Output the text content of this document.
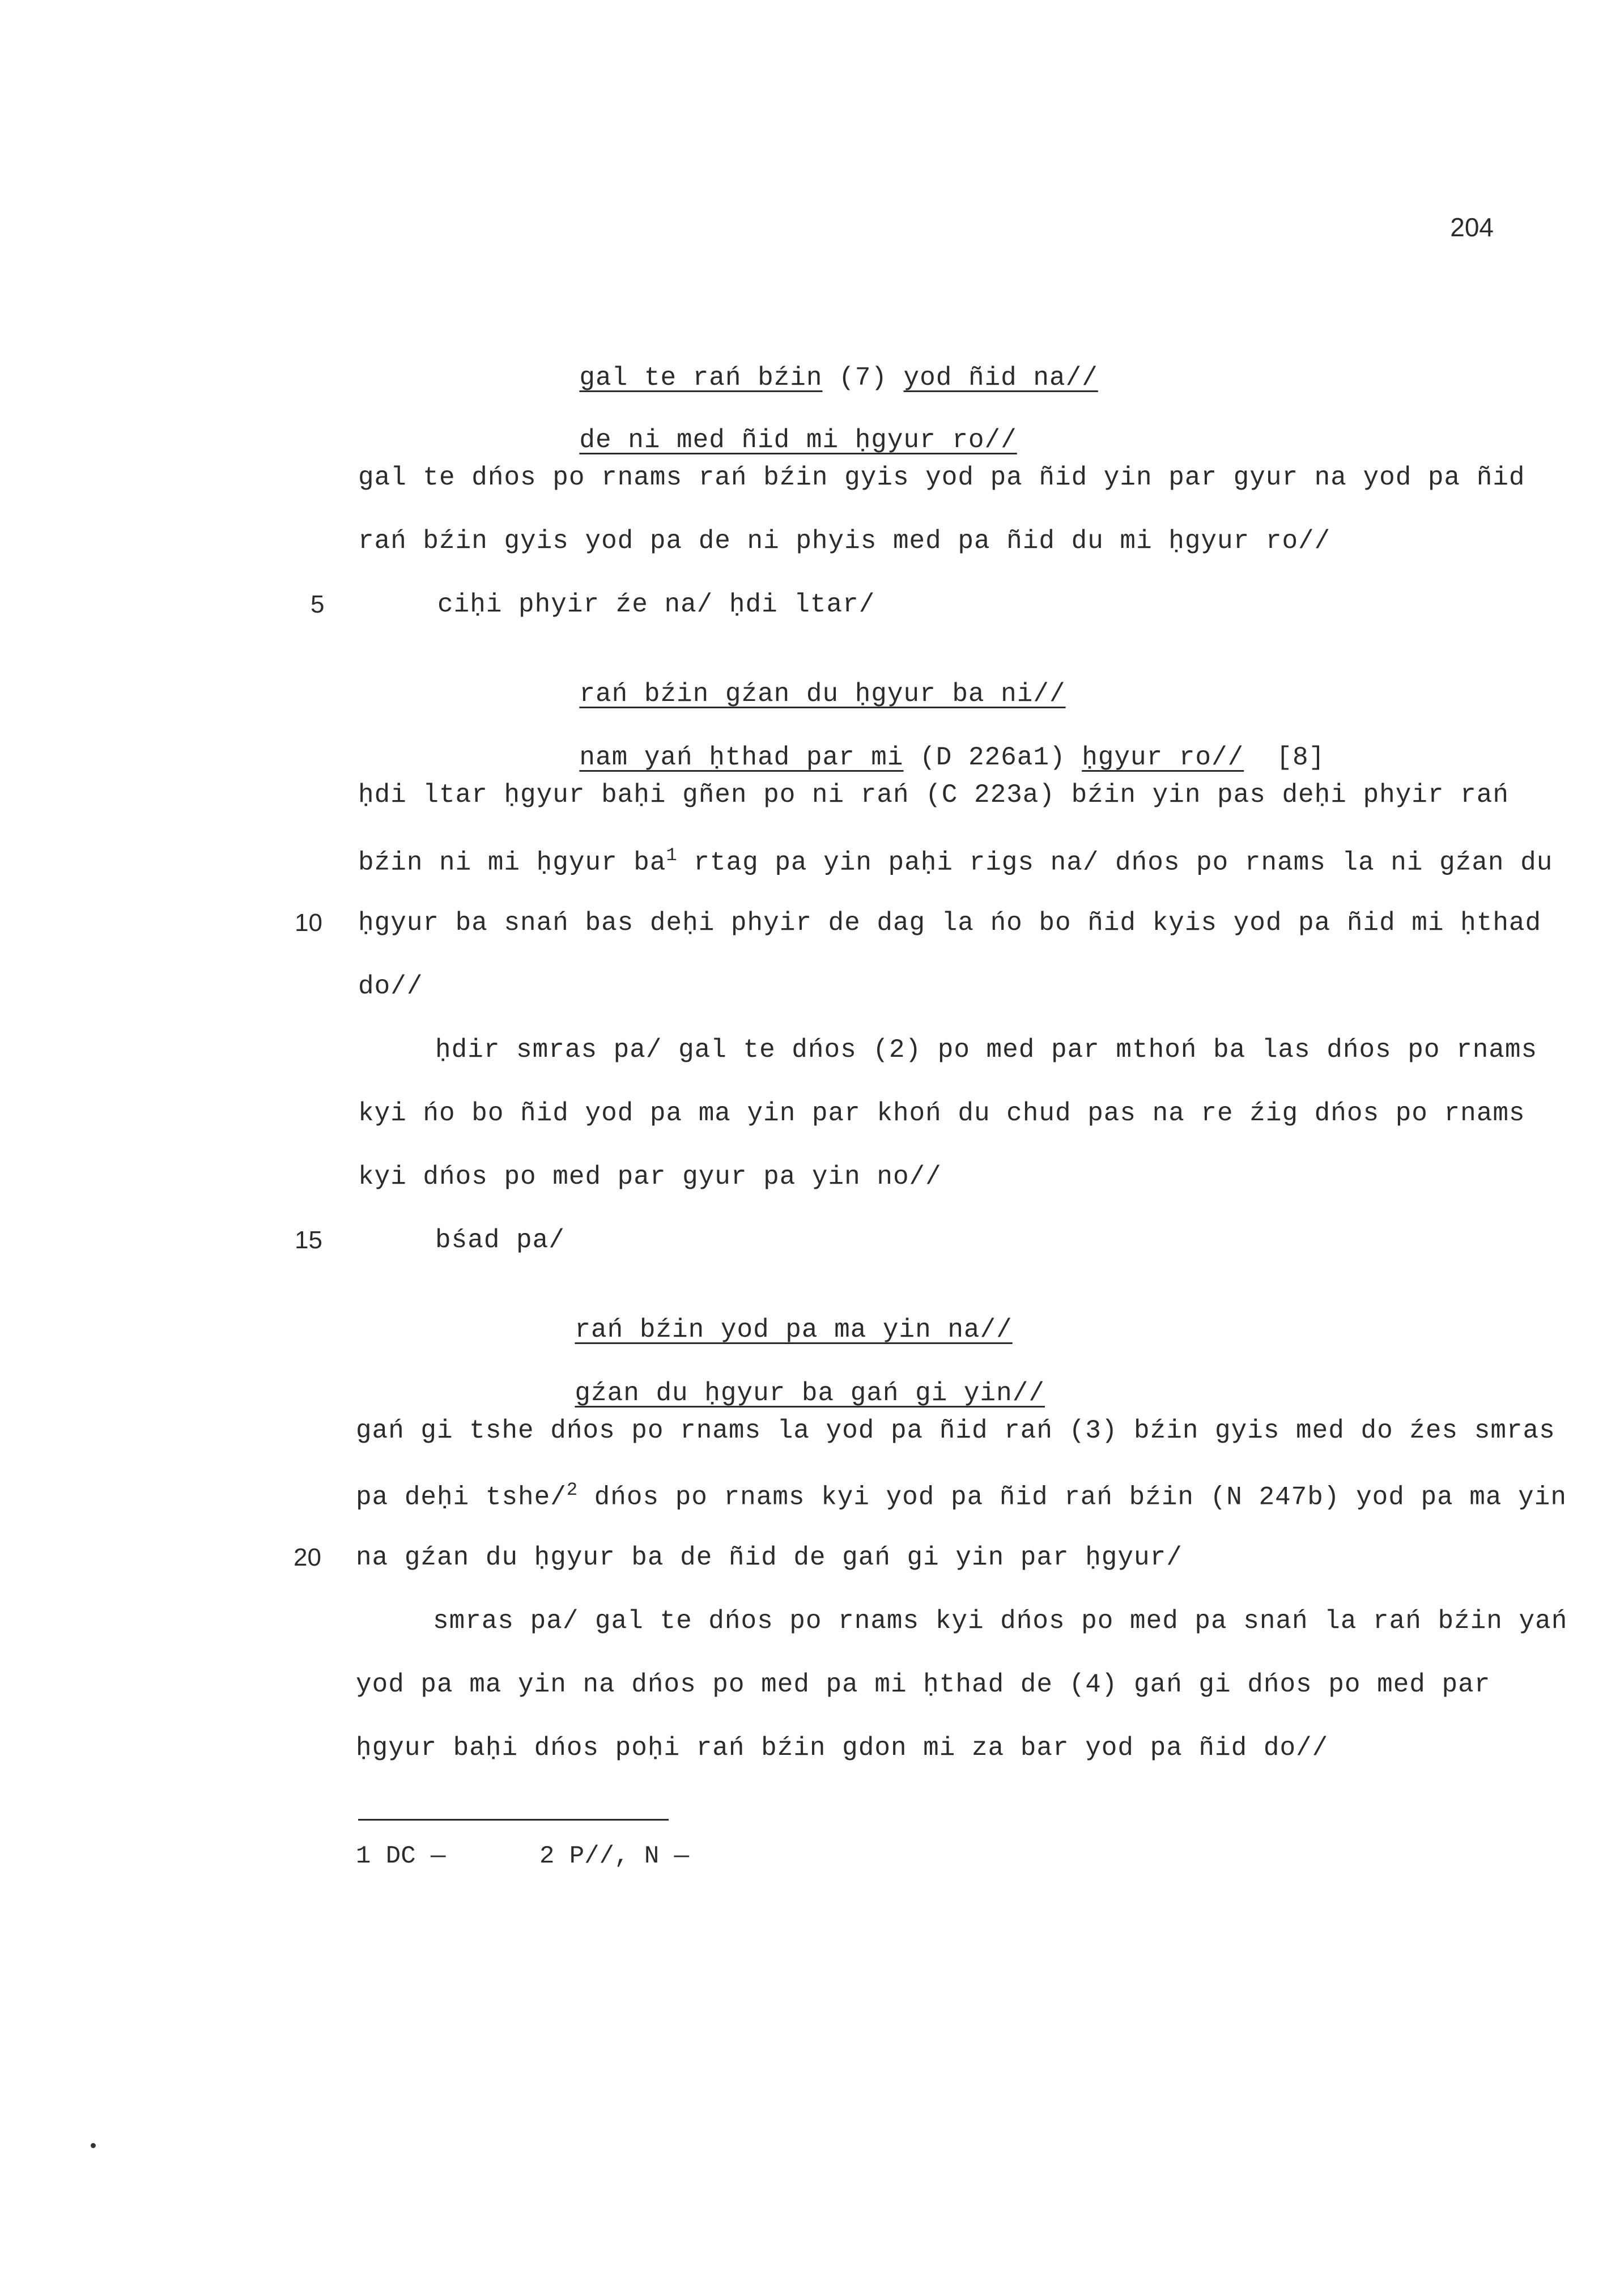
204

gal te rań bźin (7) yod ñid na//

de ni med ñid mi ḥgyur ro//

gal te dńos po rnams rań bźin gyis yod pa ñid yin par gyur na yod pa ñid
rań bźin gyis yod pa de ni phyis med pa ñid du mi ḥgyur ro//
5	ciḥi phyir źe na/ ḥdi ltar/

rań bźin gźan du ḥgyur ba ni//

nam yań ḥthad par mi (D 226a1) ḥgyur ro// [8]

ḥdi ltar ḥgyur baḥi gñen po ni rań (C 223a) bźin yin pas deḥi phyir rań
bźin ni mi ḥgyur $ba^1$ rtag pa yin paḥi rigs na/ dńos po rnams la ni gźan du
10 ḥgyur ba snań bas deḥi phyir de dag la ńo bo ñid kyis yod pa ñid mi ḥthad
do//
ḥdir smras pa/ gal te dńos (2) po med par mthoń ba las dńos po rnams
kyi ńo bo ñid yod pa ma yin par khoń du chud pas na re źig dńos po rnams
kyi dńos po med par gyur pa yin no//
15	bśad pa/

rań bźin yod pa ma yin na//

gźan du ḥgyur ba gań gi yin//

gań gi tshe dńos po rnams la yod pa ñid rań (3) bźin gyis med do źes smras
pa deḥi tshe/$^2$ dńos po rnams kyi yod pa ñid rań bźin (N 247b) yod pa ma yin
20 na gźan du ḥgyur ba de ñid de gań gi yin par ḥgyur/
smras pa/ gal te dńos po rnams kyi dńos po med pa snań la rań bźin yań
yod pa ma yin na dńos po med pa mi ḥthad de (4) gań gi dńos po med par
ḥgyur baḥi dńos poḥi rań bźin gdon mi za bar yod pa ñid do//
1 DC —	2 P//, N —
